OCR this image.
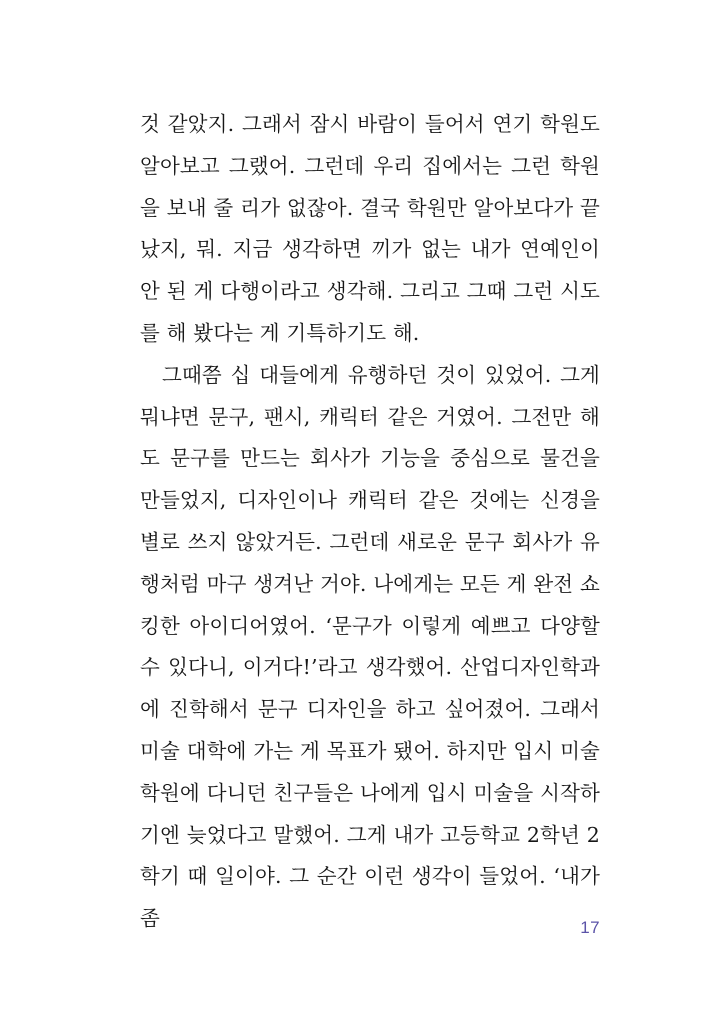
것 같았지. 그래서 잠시 바람이 들어서 연기 학원도 알아보고 그랬어. 그런데 우리 집에서는 그런 학원을 보내 줄 리가 없잖아. 결국 학원만 알아보다가 끝났지, 뭐. 지금 생각하면 끼가 없는 내가 연예인이 안 된 게 다행이라고 생각해. 그리고 그때 그런 시도를 해 봤다는 게 기특하기도 해.

그때쯤 십 대들에게 유행하던 것이 있었어. 그게 뭐냐면 문구, 팬시, 캐릭터 같은 거였어. 그전만 해도 문구를 만드는 회사가 기능을 중심으로 물건을 만들었지, 디자인이나 캐릭터 같은 것에는 신경을 별로 쓰지 않았거든. 그런데 새로운 문구 회사가 유행처럼 마구 생겨난 거야. 나에게는 모든 게 완전 쇼킹한 아이디어였어. ‘문구가 이렇게 예쁘고 다양할 수 있다니, 이거다!’라고 생각했어. 산업디자인학과에 진학해서 문구 디자인을 하고 싶어졌어. 그래서 미술 대학에 가는 게 목표가 됐어. 하지만 입시 미술 학원에 다니던 친구들은 나에게 입시 미술을 시작하기엔 늦었다고 말했어. 그게 내가 고등학교 2학년 2학기 때 일이야. 그 순간 이런 생각이 들었어. ‘내가 좀	17
